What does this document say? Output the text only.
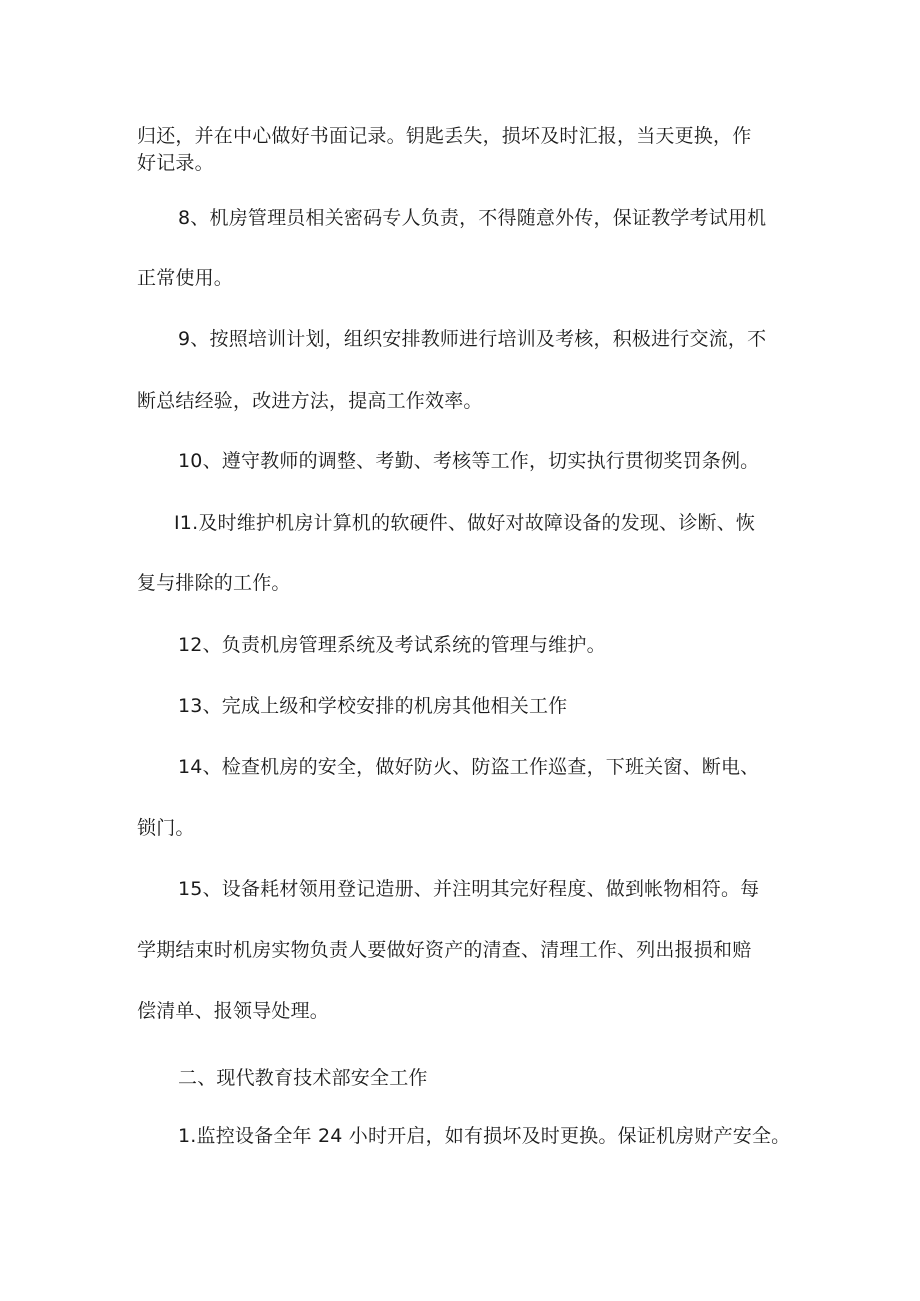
归还，并在中心做好书面记录。钥匙丢失，损坏及时汇报，当天更换，作
好记录。
8、机房管理员相关密码专人负责，不得随意外传，保证教学考试用机
正常使用。
9、按照培训计划，组织安排教师进行培训及考核，积极进行交流，不
断总结经验，改进方法，提高工作效率。
10、遵守教师的调整、考勤、考核等工作，切实执行贯彻奖罚条例。
I1.及时维护机房计算机的软硬件、做好对故障设备的发现、诊断、恢
复与排除的工作。
12、负责机房管理系统及考试系统的管理与维护。
13、完成上级和学校安排的机房其他相关工作
14、检查机房的安全，做好防火、防盗工作巡查，下班关窗、断电、
锁门。
15、设备耗材领用登记造册、并注明其完好程度、做到帐物相符。每
学期结束时机房实物负责人要做好资产的清查、清理工作、列出报损和赔
偿清单、报领导处理。
二、现代教育技术部安全工作
1.监控设备全年 24 小时开启，如有损坏及时更换。保证机房财产安全。
